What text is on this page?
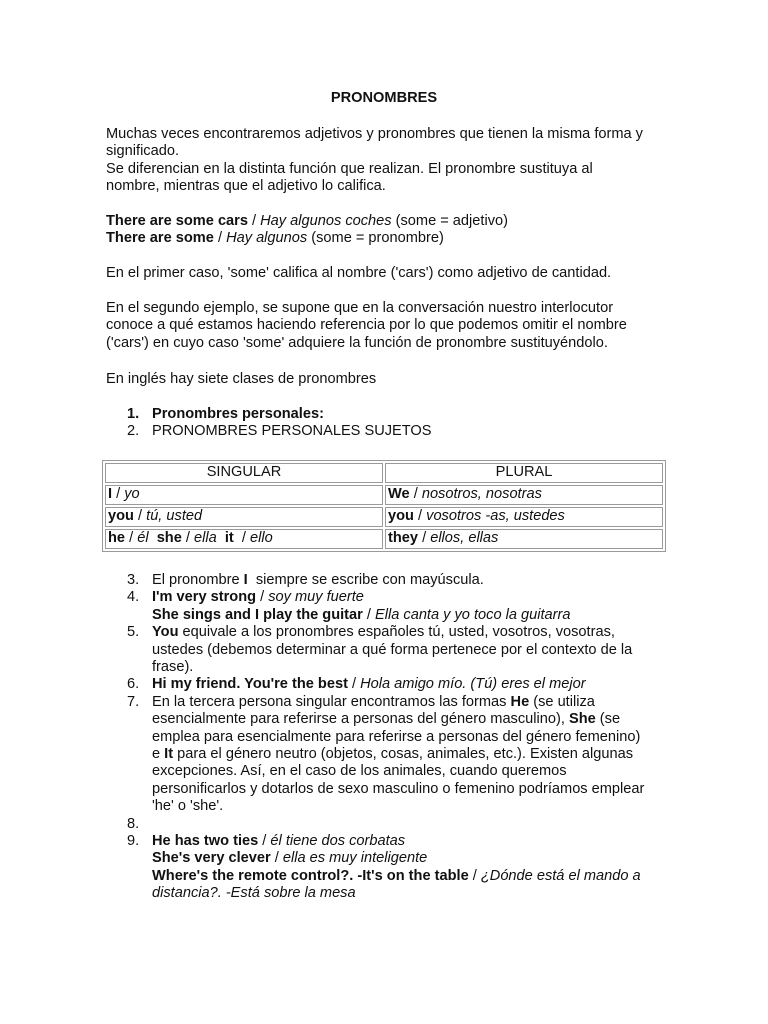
PRONOMBRES
Muchas veces encontraremos adjetivos y pronombres que tienen la misma forma y
significado.
Se diferencian en la distinta función que realizan. El pronombre sustituya al
nombre, mientras que el adjetivo lo califica.
There are some cars / Hay algunos coches (some = adjetivo)
There are some / Hay algunos (some = pronombre)
En el primer caso, 'some' califica al nombre ('cars') como adjetivo de cantidad.
En el segundo ejemplo, se supone que en la conversación nuestro interlocutor
conoce a qué estamos haciendo referencia por lo que podemos omitir el nombre
('cars') en cuyo caso 'some' adquiere la función de pronombre sustituyéndolo.
En inglés hay siete clases de pronombres
1. Pronombres personales:
2. PRONOMBRES PERSONALES SUJETOS
SINGULAR	PLURAL
I / yo	We / nosotros, nosotras
you / tú, usted	you / vosotros -as, ustedes
he / él she / ella it / ello	they / ellos, ellas
3. El pronombre I  siempre se escribe con mayúscula.
4. I'm very strong / soy muy fuerte
She sings and I play the guitar / Ella canta y yo toco la guitarra
5. You equivale a los pronombres españoles tú, usted, vosotros, vosotras,
ustedes (debemos determinar a qué forma pertenece por el contexto de la
frase).
6. Hi my friend. You're the best / Hola amigo mío. (Tú) eres el mejor
7. En la tercera persona singular encontramos las formas He (se utiliza
esencialmente para referirse a personas del género masculino), She (se
emplea para esencialmente para referirse a personas del género femenino)
e It para el género neutro (objetos, cosas, animales, etc.). Existen algunas
excepciones. Así, en el caso de los animales, cuando queremos
personificarlos y dotarlos de sexo masculino o femenino podríamos emplear
'he' o 'she'.
8.
9. He has two ties / él tiene dos corbatas
She's very clever / ella es muy inteligente
Where's the remote control?. -It's on the table / ¿Dónde está el mando a
distancia?. -Está sobre la mesa
